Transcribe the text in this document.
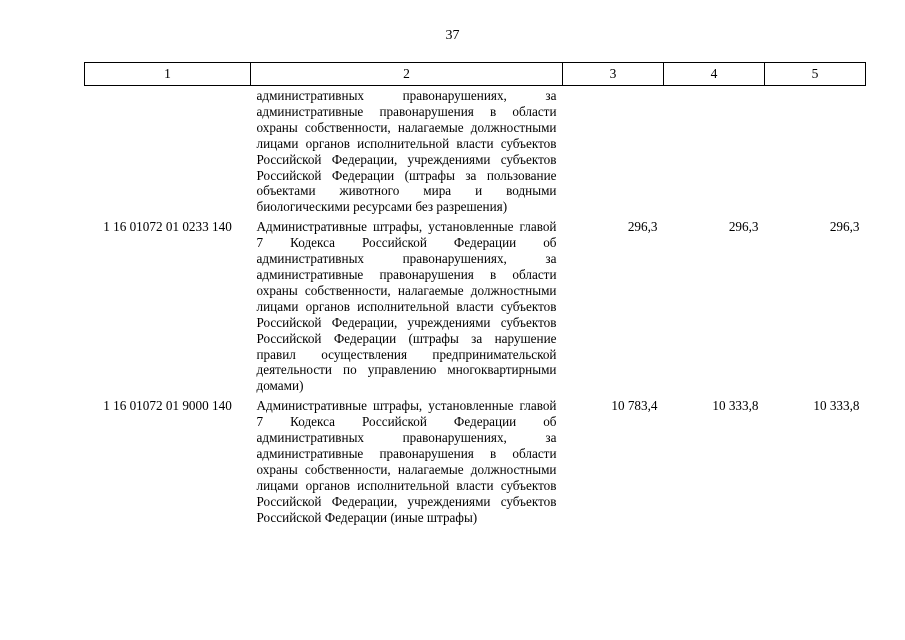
37
1	2	3	4	5
	административных правонарушениях, за административные правонарушения в области охраны собственности, налагаемые должностными лицами органов исполнительной власти субъектов Российской Федерации, учреждениями субъектов Российской Федерации (штрафы за пользование объектами животного мира и водными биологическими ресурсами без разрешения)			
1 16 01072 01 0233 140	Административные штрафы, установленные главой 7 Кодекса Российской Федерации об административных правонарушениях, за административные правонарушения в области охраны собственности, налагаемые должностными лицами органов исполнительной власти субъектов Российской Федерации, учреждениями субъектов Российской Федерации (штрафы за нарушение правил осуществления предпринимательской деятельности по управлению многоквартирными домами)	296,3	296,3	296,3
1 16 01072 01 9000 140	Административные штрафы, установленные главой 7 Кодекса Российской Федерации об административных правонарушениях, за административные правонарушения в области охраны собственности, налагаемые должностными лицами органов исполнительной власти субъектов Российской Федерации, учреждениями субъектов Российской Федерации (иные штрафы)	10 783,4	10 333,8	10 333,8
